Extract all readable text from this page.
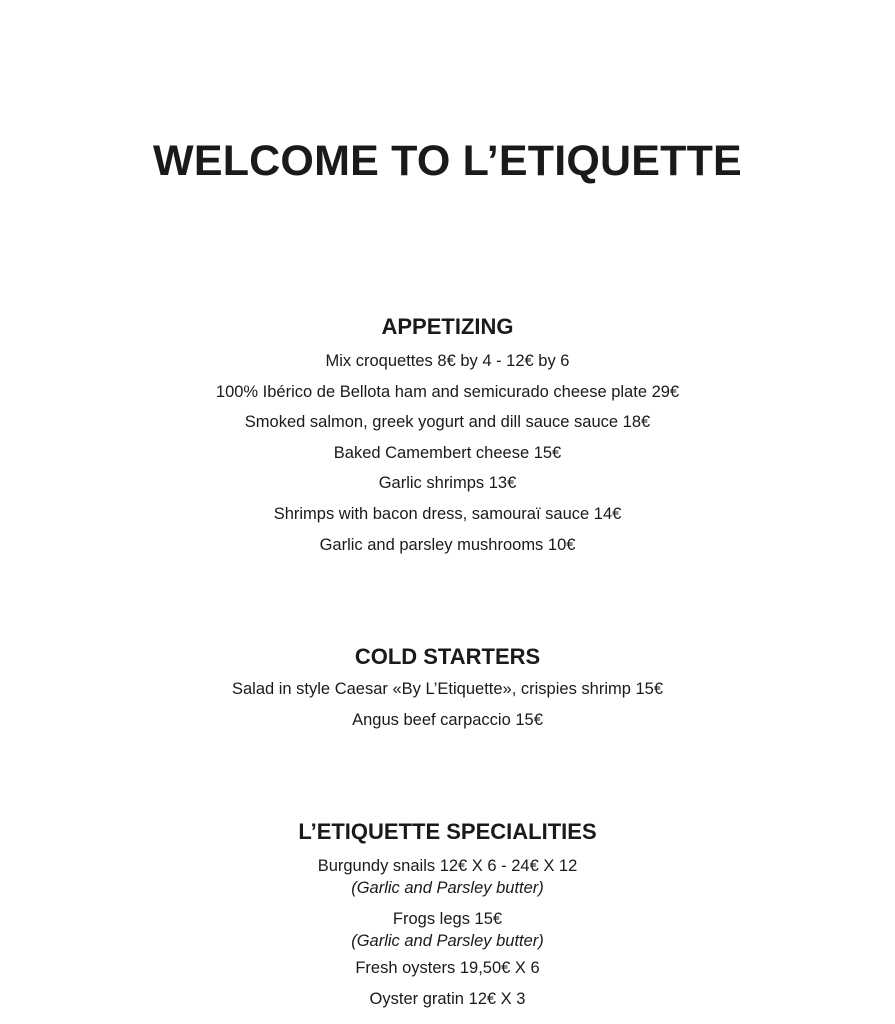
WELCOME TO L’ETIQUETTE
APPETIZING
Mix croquettes 8€ by 4 - 12€ by 6
100% Ibérico de Bellota ham and semicurado cheese plate 29€
Smoked salmon, greek yogurt and dill sauce sauce 18€
Baked Camembert cheese 15€
Garlic shrimps 13€
Shrimps with bacon dress, samouraï sauce 14€
Garlic and parsley mushrooms 10€
COLD STARTERS
Salad in style Caesar «By L’Etiquette», crispies shrimp 15€
Angus beef carpaccio 15€
L’ETIQUETTE SPECIALITIES
Burgundy snails 12€ X 6 - 24€ X 12
(Garlic and Parsley butter)
Frogs legs 15€
(Garlic and Parsley butter)
Fresh oysters 19,50€ X 6
Oyster gratin 12€ X 3
